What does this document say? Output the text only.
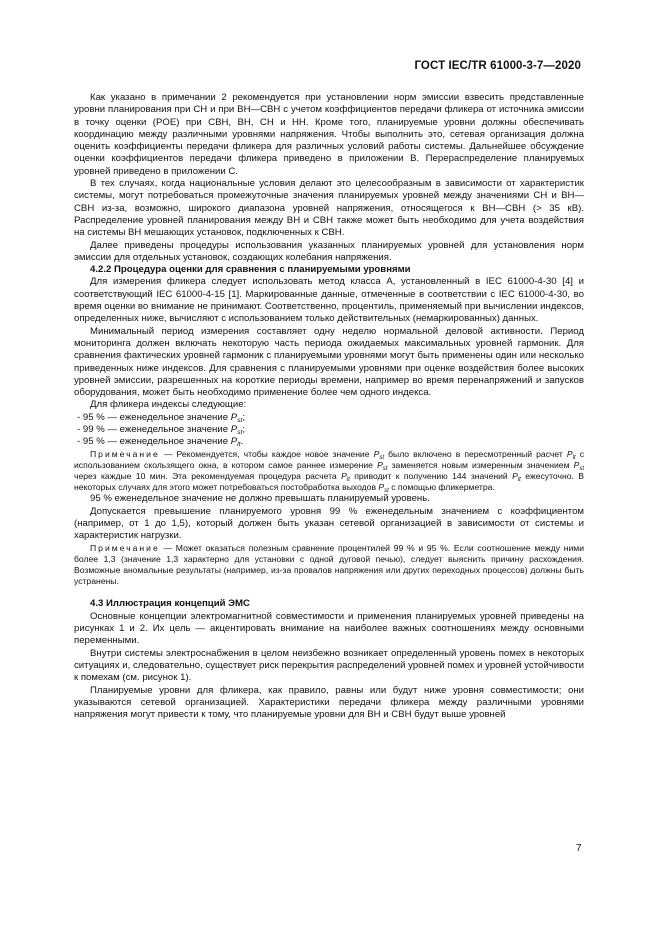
ГОСТ IEC/TR 61000-3-7—2020

Как указано в примечании 2 рекомендуется при установлении норм эмиссии взвесить представленные уровни планирования при СН и при ВН—СВН с учетом коэффициентов передачи фликера от источника эмиссии в точку оценки (POE) при СВН, ВН, СН и НН. Кроме того, планируемые уровни должны обеспечивать координацию между различными уровнями напряжения. Чтобы выполнить это, сетевая организация должна оценить коэффициенты передачи фликера для различных условий работы системы. Дальнейшее обсуждение оценки коэффициентов передачи фликера приведено в приложении В. Перераспределение планируемых уровней приведено в приложении С.

В тех случаях, когда национальные условия делают это целесообразным в зависимости от характеристик системы, могут потребоваться промежуточные значения планируемых уровней между значениями СН и ВН—СВН из-за, возможно, широкого диапазона уровней напряжения, относящегося к ВН—СВН (> 35 кВ). Распределение уровней планирования между ВН и СВН также может быть необходимо для учета воздействия на системы ВН мешающих установок, подключенных к СВН.

Далее приведены процедуры использования указанных планируемых уровней для установления норм эмиссии для отдельных установок, создающих колебания напряжения.

4.2.2 Процедура оценки для сравнения с планируемыми уровнями

Для измерения фликера следует использовать метод класса А, установленный в IEC 61000-4-30 [4] и соответствующий IEC 61000-4-15 [1]. Маркированные данные, отмеченные в соответствии с IEC 61000-4-30, во время оценки во внимание не принимают. Соответственно, процентиль, применяемый при вычислении индексов, определенных ниже, вычисляют с использованием только действительных (немаркированных) данных.

Минимальный период измерения составляет одну неделю нормальной деловой активности. Период мониторинга должен включать некоторую часть периода ожидаемых максимальных уровней гармоник. Для сравнения фактических уровней гармоник с планируемыми уровнями могут быть применены один или несколько приведенных ниже индексов. Для сравнения с планируемыми уровнями при оценке воздействия более высоких уровней эмиссии, разрешенных на короткие периоды времени, например во время перенапряжений и запусков оборудования, может быть необходимо применение более чем одного индекса.

Для фликера индексы следующие:

- 95 % — еженедельное значение $P_{st}$;
- 99 % — еженедельное значение $P_{st}$;
- 95 % — еженедельное значение $P_{lt}$.

Примечание — Рекомендуется, чтобы каждое новое значение $P_{st}$ было включено в пересмотренный расчет $P_{lt}$ с использованием скользящего окна, в котором самое раннее измерение $P_{st}$ заменяется новым измеренным значением $P_{st}$ через каждые 10 мин. Эта рекомендуемая процедура расчета $P_{lt}$ приводит к получению 144 значений $P_{lt}$ ежесуточно. В некоторых случаях для этого может потребоваться постобработка выходов $P_{st}$ с помощью фликерметра.

95 % еженедельное значение не должно превышать планируемый уровень.

Допускается превышение планируемого уровня 99 % еженедельным значением с коэффициентом (например, от 1 до 1,5), который должен быть указан сетевой организацией в зависимости от системы и характеристик нагрузки.

Примечание — Может оказаться полезным сравнение процентилей 99 % и 95 %. Если соотношение между ними более 1,3 (значение 1,3 характерно для установки с одной дуговой печью), следует выяснить причину расхождения. Возможные аномальные результаты (например, из-за провалов напряжения или других переходных процессов) должны быть устранены.

4.3 Иллюстрация концепций ЭМС

Основные концепции электромагнитной совместимости и применения планируемых уровней приведены на рисунках 1 и 2. Их цель — акцентировать внимание на наиболее важных соотношениях между основными переменными.

Внутри системы электроснабжения в целом неизбежно возникает определенный уровень помех в некоторых ситуациях и, следовательно, существует риск перекрытия распределений уровней помех и уровней устойчивости к помехам (см. рисунок 1).

Планируемые уровни для фликера, как правило, равны или будут ниже уровня совместимости; они указываются сетевой организацией. Характеристики передачи фликера между различными уровнями напряжения могут привести к тому, что планируемые уровни для ВН и СВН будут выше уровней

7
